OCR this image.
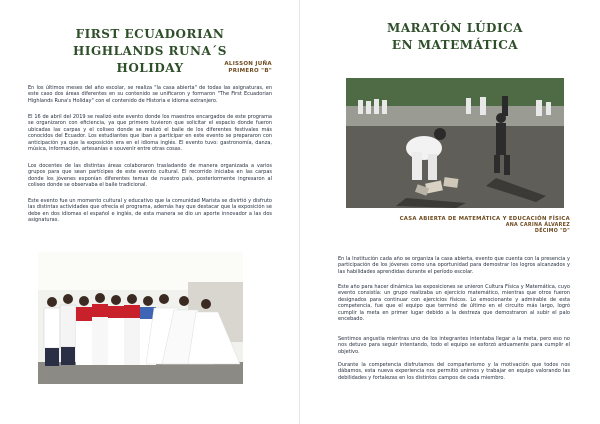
FIRST ECUADORIAN
HIGHLANDS RUNA´S HOLIDAY	ALISSON JUÑA
PRIMERO "B"

En los últimos meses del año escolar, se realiza "la casa abierta" de todas las asignaturas, en este caso dos áreas diferentes en su contenido se unificaron y formaron "The First Ecuadorian Highlands Runa's Holiday" con el contenido de Historia e idioma extranjero.

El 16 de abril del 2019 se realizó este evento donde los maestros encargados de este programa se organizaron con eficiencia, ya que primero tuvieron que solicitar el espacio donde fueron ubicadas las carpas y el coliseo donde se realizó el baile de los diferentes festivales más conocidos del Ecuador. Los estudiantes que iban a participar en este evento se prepararon con anticipación ya que la exposición era en el idioma inglés. El evento tuvo: gastronomía, danza, música, información, artesanías e souvenir entre otras cosas.

Los docentes de las distintas áreas colaboraron trasladando de manera organizada a varios grupos para que sean partícipes de este evento cultural. El recorrido iniciaba en las carpas donde los jóvenes exponían diferentes temas de nuestro país, posteriormente ingresaron al coliseo donde se observaba el baile tradicional.

Este evento fue un momento cultural y educativo que la comunidad Marista se divirtió y disfruto las distintas actividades que ofrecía el programa, además hay que destacar que la exposición se debe en dos idiomas el español e inglés, de esta manera se dio un aporte innovador a las dos asignaturas.

MARATÓN LÚDICA
EN MATEMÁTICA
CASA ABIERTA DE MATEMÁTICA Y EDUCACIÓN FÍSICA
ANA CARINA ÁLVAREZ
DÉCIMO "D"

En la Institución cada año se organiza la casa abierta, evento que cuenta con la presencia y participación de los jóvenes como una oportunidad para demostrar los logros alcanzados y las habilidades aprendidas durante el período escolar.

Este año para hacer dinámica las exposiciones se unieron Cultura Física y Matemática, cuyo evento consistía: un grupo realizaba un ejercicio matemático, mientras que otros fueron designados para continuar con ejercicios físicos. Lo emocionante y admirable de esta competencia, fue que el equipo que terminó de último en el circuito más largo, logró cumplir la meta en primer lugar debido a la destreza que demostraron al subir el palo encebado.

Sentimos angustia mientras uno de los integrantes intentaba llegar a la meta, pero eso no nos detuvo para seguir intentando, todo el equipo se esforzó arduamente para cumplir el objetivo.

Durante la competencia disfrutamos del compañerismo y la motivación que todos nos dábamos, esta nueva experiencia nos permitió unirnos y trabajar en equipo valorando las debilidades y fortalezas en los distintos campos de cada miembro.
